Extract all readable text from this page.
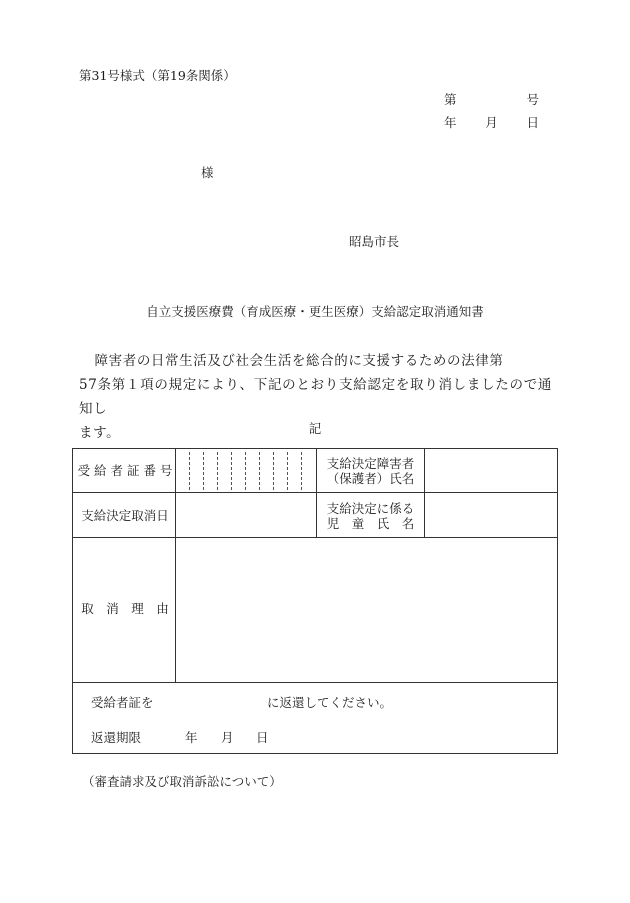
第31号様式（第19条関係）
第	号
年 月 日
様
昭島市長
自立支援医療費（育成医療・更生医療）支給認定取消通知書

障害者の日常生活及び社会生活を総合的に支援するための法律第

57条第１項の規定により、下記のとおり支給認定を取り消しましたので通知し
ます。	記
受 給 者 証 番 号	支給決定障害者
（保護者）氏名
支給決定取消日	支給決定に係る
児　童　氏　名
取　消　理　由
受給者証を	に返還してください。
返還期限	年 月 日
（審査請求及び取消訴訟について）
